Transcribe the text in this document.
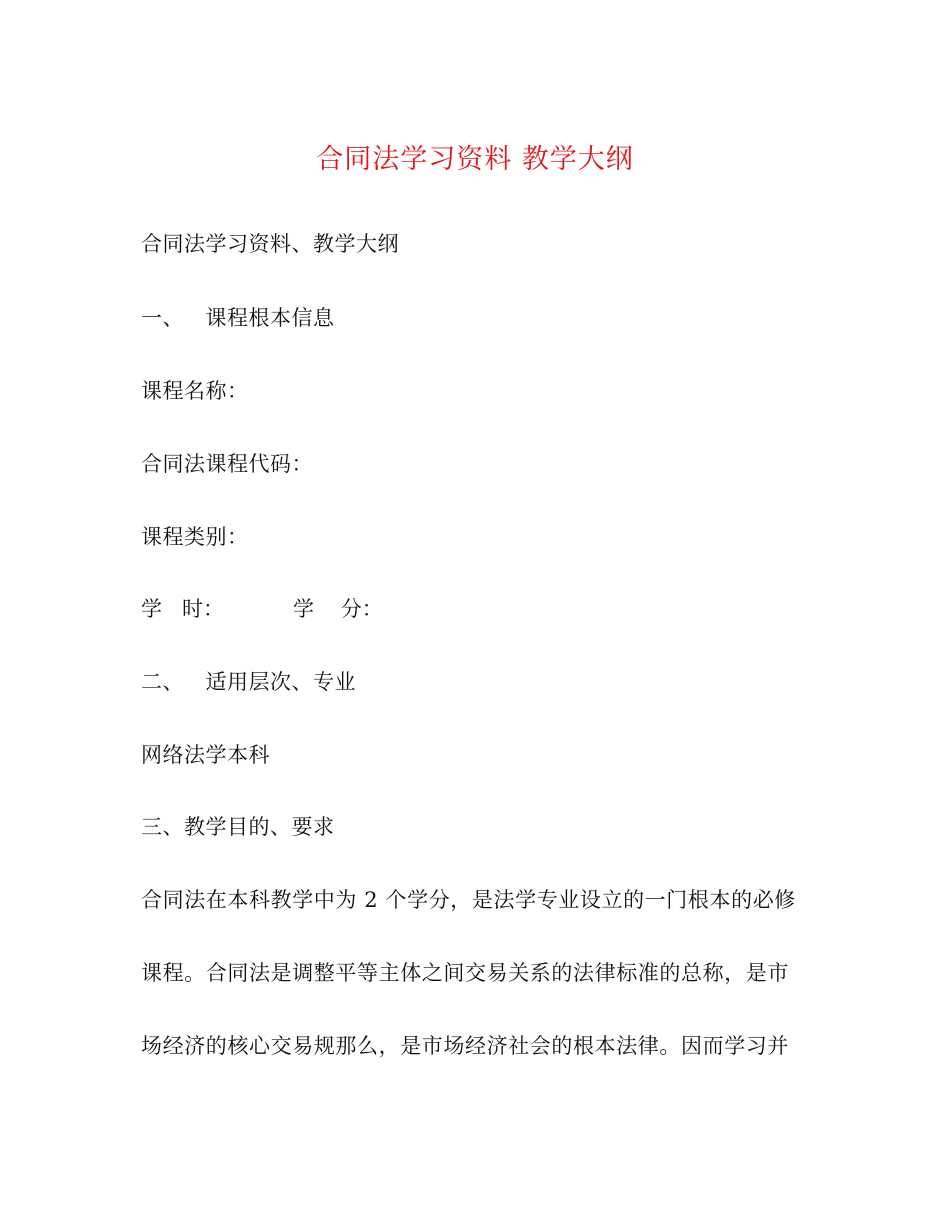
合同法学习资料 教学大纲
合同法学习资料、教学大纲
一、   课程根本信息
课程名称：
合同法课程代码：
课程类别：

学   时：

	学    分：

二、   适用层次、专业
网络法学本科
三、教学目的、要求
合同法在本科教学中为 2 个学分，是法学专业设立的一门根本的必修
课程。合同法是调整平等主体之间交易关系的法律标准的总称，是市
场经济的核心交易规那么，是市场经济社会的根本法律。因而学习并
